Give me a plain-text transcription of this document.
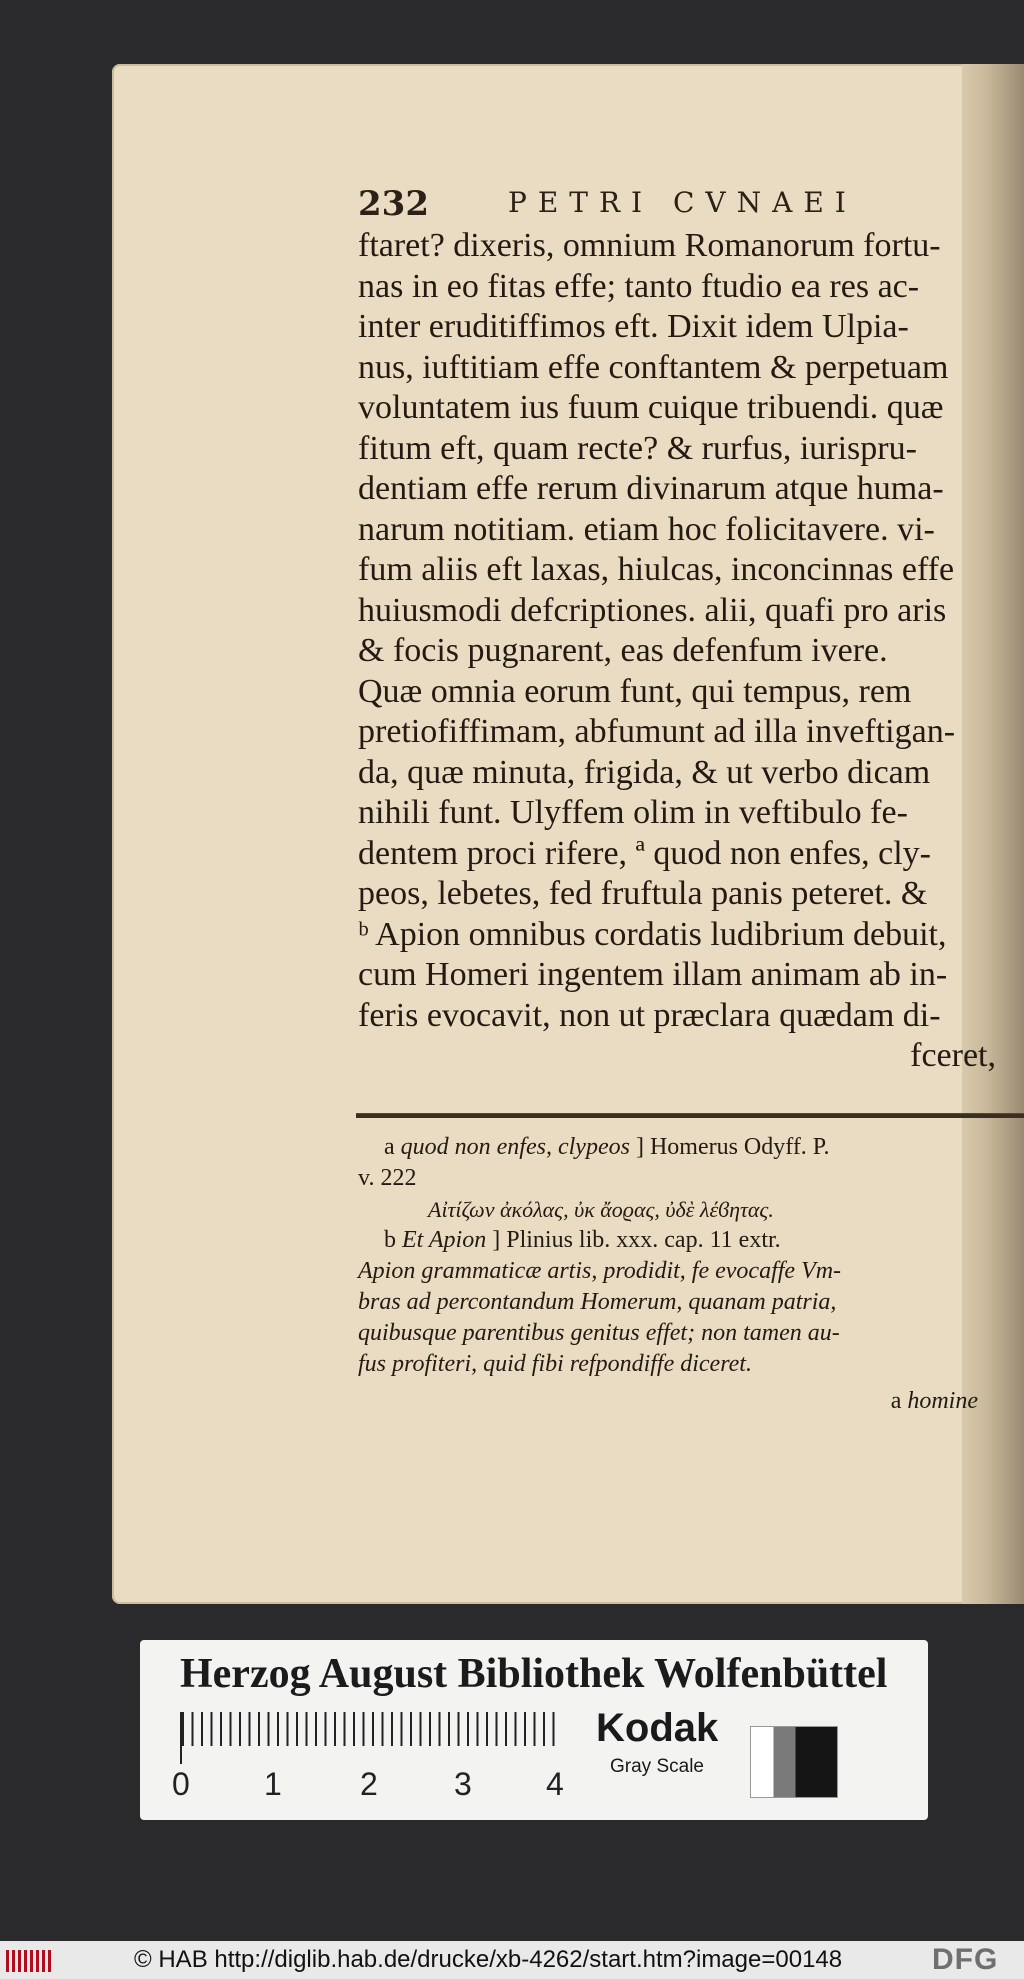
232	PETRI CVNAEI
ftaret? dixeris, omnium Romanorum fortu-
nas in eo fitas effe; tanto ftudio ea res ac-
inter eruditiffimos eft. Dixit idem Ulpia-
nus, iuftitiam effe conftantem & perpetuam
voluntatem ius fuum cuique tribuendi. quæ
fitum eft, quam recte? & rurfus, iurispru-
dentiam effe rerum divinarum atque huma-
narum notitiam. etiam hoc folicitavere. vi-
fum aliis eft laxas, hiulcas, inconcinnas effe
huiusmodi defcriptiones. alii, quafi pro aris
& focis pugnarent, eas defenfum ivere.
Quæ omnia eorum funt, qui tempus, rem
pretiofiffimam, abfumunt ad illa inveftigan-
da, quæ minuta, frigida, & ut verbo dicam
nihili funt. Ulyffem olim in veftibulo fe-
dentem proci rifere, ª quod non enfes, cly-
peos, lebetes, fed fruftula panis peteret. &
ᵇ Apion omnibus cordatis ludibrium debuit,
cum Homeri ingentem illam animam ab in-
feris evocavit, non ut præclara quædam di-
fceret,
a quod non enfes, clypeos ] Homerus Odyff. P.
v. 222
Αἰτίζων ἀκόλας, ὐκ ἄοϱας, ὐδὲ λέϐητας.
b Et Apion ] Plinius lib. xxx. cap. 11 extr.
Apion grammaticæ artis, prodidit, fe evocaffe Vm-
bras ad percontandum Homerum, quanam patria,
quibusque parentibus genitus effet; non tamen au-
fus profiteri, quid fibi refpondiffe diceret.
a homine
Herzog August Bibliothek Wolfenbüttel
0 1 2 3 4
Kodak
Gray Scale
© HAB http://diglib.hab.de/drucke/xb-4262/start.htm?image=00148	DFG
